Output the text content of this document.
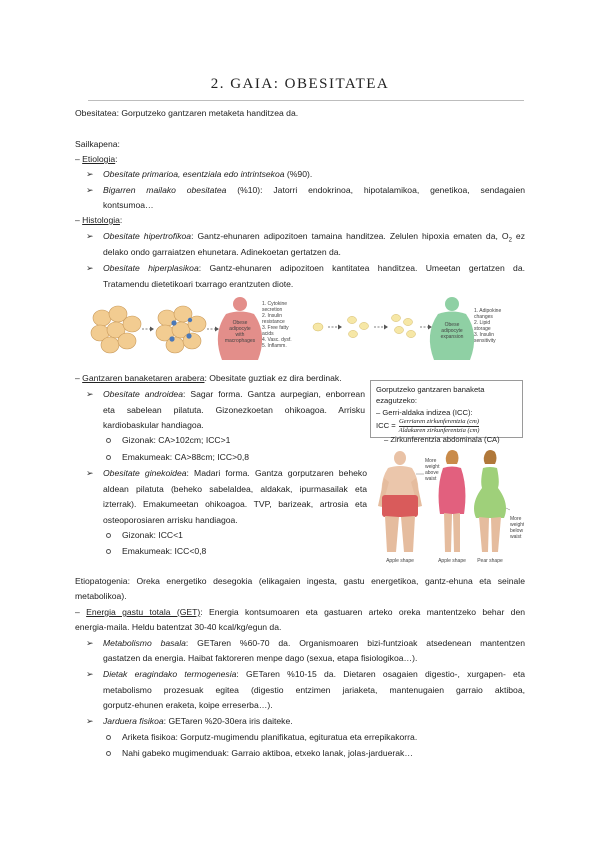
2. GAIA: OBESITATEA
Obesitatea: Gorputzeko gantzaren metaketa handitzea da.
Sailkapena:
– Etiologia:
➢ Obesitate primarioa, esentziala edo intrintsekoa (%90).
➢ Bigarren mailako obesitatea (%10): Jatorri endokrinoa, hipotalamikoa, genetikoa, sendagaien
kontsumoa…
– Histologia:
➢ Obesitate hipertrofikoa: Gantz-ehunaren adipozitoen tamaina handitzea. Zelulen hipoxia ematen da, $O_2$ ez
delako ondo garraiatzen ehunetara. Adinekoetan gertatzen da.
➢ Obesitate hiperplasikoa: Gantz-ehunaren adipozitoen kantitatea handitzea. Umeetan gertatzen da.
Tratamendu dietetikoari txarrago erantzuten diote.
Obese
adipocyte
with
macrophages
1. Cytokine
secretion
2. Insulin
resistance
3. Free fatty
acids
4. Vasc. dysf.
5. Inflamm.
Obese
adipocyte
expansion
1. Adipokine
changes
2. Lipid
storage
3. Insulin
sensitivity
– Gantzaren banaketaren arabera: Obesitate guztiak ez dira berdinak.
Gorputzeko gantzaren banaketa ezagutzeko:
– Gerri-aldaka indizea (ICC):
ICC = Gerriaren zirkunferentzia (cm)
Aldakaren zirkunferentzia (cm)
– Zirkunferentzia abdominala (CA)
➢ Obesitate androidea: Sagar forma. Gantza aurpegian, enborrean
eta sabelean pilatuta. Gizonezkoetan ohikoagoa. Arrisku
kardiobaskular handiagoa.
Gizonak: CA>102cm; ICC>1
Emakumeak: CA>88cm; ICC>0,8
➢ Obesitate ginekoidea: Madari forma. Gantza gorputzaren beheko
aldean pilatuta (beheko sabelaldea, aldakak, ipurmasailak eta
izterrak). Emakumeetan ohikoagoa. TVP, barizeak, artrosia eta
osteoporosiaren arrisku handiagoa.
Gizonak: ICC<1
Emakumeak: ICC<0,8
More
weight
above
waist
More
weight
below
waist
Apple shape	Apple shape Pear shape
Etiopatogenia: Oreka energetiko desegokia (elikagaien ingesta, gastu energetikoa, gantz-ehuna eta seinale
metabolikoa).
– Energia gastu totala (GET): Energia kontsumoaren eta gastuaren arteko oreka mantentzeko behar den
energia-maila. Heldu batentzat 30-40 kcal/kg/egun da.
➢ Metabolismo basala: GETaren %60-70 da. Organismoaren bizi-funtzioak atsedenean mantentzen
gastatzen da energia. Haibat faktoreren menpe dago (sexua, etapa fisiologikoa…).
➢ Dietak eragindako termogenesia: GETaren %10-15 da. Dietaren osagaien digestio-, xurgapen- eta
metabolismo prozesuak egitea (digestio entzimen jariaketa, mantenugaien garraio aktiboa,
gorputz-ehunen eraketa, koipe erreserba…).
➢ Jarduera fisikoa: GETaren %20-30era iris daiteke.
Ariketa fisikoa: Gorputz-mugimendu planifikatua, egituratua eta errepikakorra.
Nahi gabeko mugimenduak: Garraio aktiboa, etxeko lanak, jolas-jarduerak…
